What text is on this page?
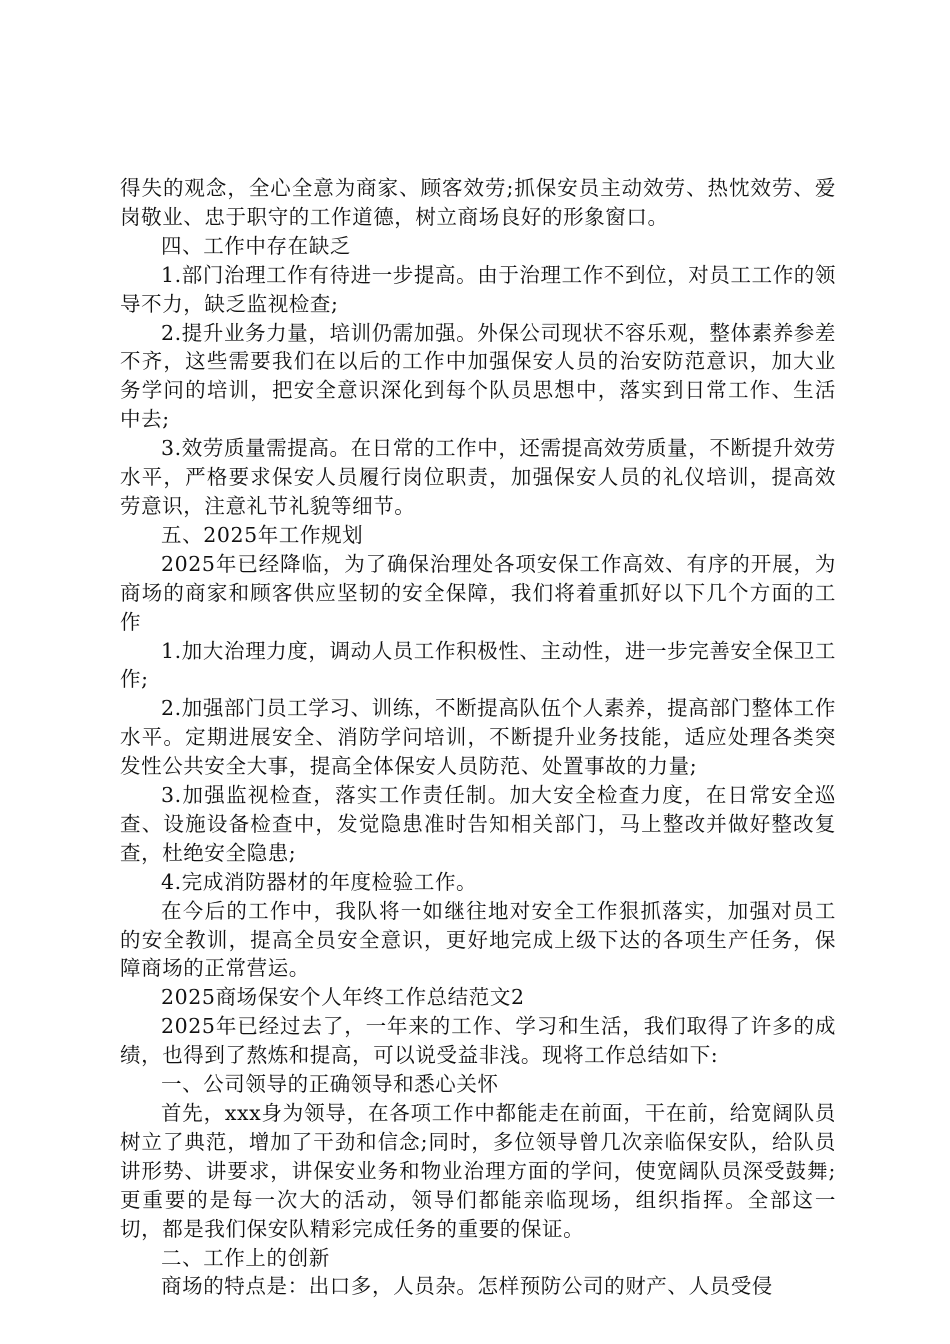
得失的观念，全心全意为商家、顾客效劳;抓保安员主动效劳、热忱效劳、爱岗敬业、忠于职守的工作道德，树立商场良好的形象窗口。

四、工作中存在缺乏

1.部门治理工作有待进一步提高。由于治理工作不到位，对员工工作的领导不力，缺乏监视检查;

2.提升业务力量，培训仍需加强。外保公司现状不容乐观，整体素养参差不齐，这些需要我们在以后的工作中加强保安人员的治安防范意识，加大业务学问的培训，把安全意识深化到每个队员思想中，落实到日常工作、生活中去;

3.效劳质量需提高。在日常的工作中，还需提高效劳质量，不断提升效劳水平，严格要求保安人员履行岗位职责，加强保安人员的礼仪培训，提高效劳意识，注意礼节礼貌等细节。

五、2025年工作规划

2025年已经降临，为了确保治理处各项安保工作高效、有序的开展，为商场的商家和顾客供应坚韧的安全保障，我们将着重抓好以下几个方面的工作

1.加大治理力度，调动人员工作积极性、主动性，进一步完善安全保卫工作;

2.加强部门员工学习、训练，不断提高队伍个人素养，提高部门整体工作水平。定期进展安全、消防学问培训，不断提升业务技能，适应处理各类突发性公共安全大事，提高全体保安人员防范、处置事故的力量;

3.加强监视检查，落实工作责任制。加大安全检查力度，在日常安全巡查、设施设备检查中，发觉隐患准时告知相关部门，马上整改并做好整改复查，杜绝安全隐患;

4.完成消防器材的年度检验工作。

在今后的工作中，我队将一如继往地对安全工作狠抓落实，加强对员工的安全教训，提高全员安全意识，更好地完成上级下达的各项生产任务，保障商场的正常营运。

2025商场保安个人年终工作总结范文2

2025年已经过去了，一年来的工作、学习和生活，我们取得了许多的成绩，也得到了熬炼和提高，可以说受益非浅。现将工作总结如下:

一、公司领导的正确领导和悉心关怀

首先，xxx身为领导，在各项工作中都能走在前面，干在前，给宽阔队员树立了典范，增加了干劲和信念;同时，多位领导曾几次亲临保安队，给队员讲形势、讲要求，讲保安业务和物业治理方面的学问，使宽阔队员深受鼓舞;更重要的是每一次大的活动，领导们都能亲临现场，组织指挥。全部这一切，都是我们保安队精彩完成任务的重要的保证。

二、工作上的创新

商场的特点是：出口多，人员杂。怎样预防公司的财产、人员受侵
